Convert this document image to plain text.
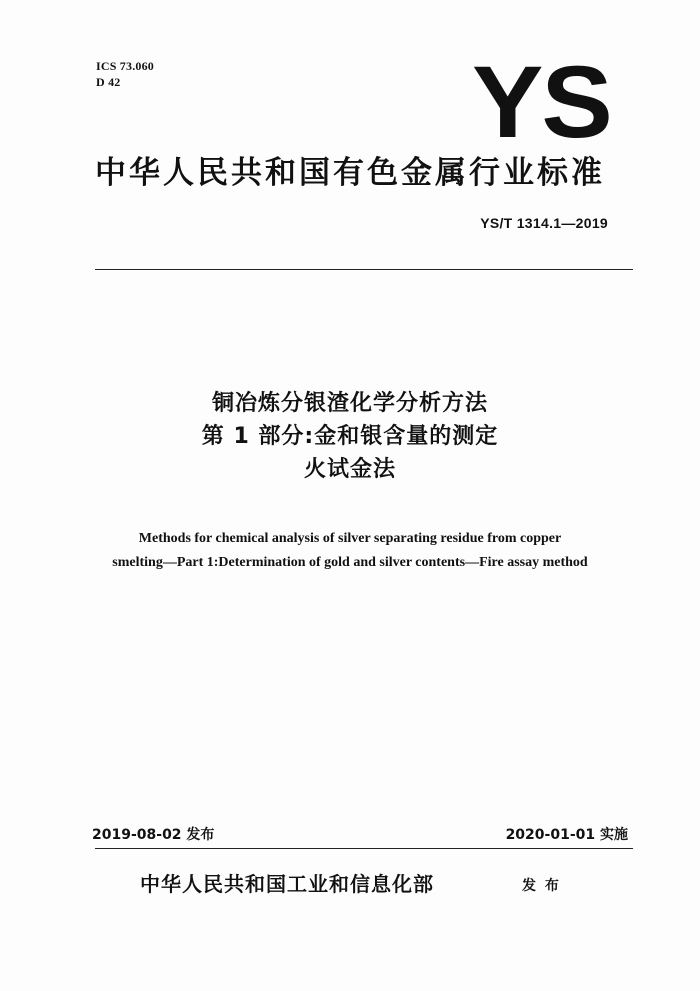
ICS 73.060
D 42	YS
中华人民共和国有色金属行业标准
YS/T 1314.1—2019
铜冶炼分银渣化学分析方法
第 1 部分:金和银含量的测定
火试金法
Methods for chemical analysis of silver separating residue from copper
smelting—Part 1:Determination of gold and silver contents—Fire assay method
2019-08-02 发布	2020-01-01 实施
中华人民共和国工业和信息化部	发 布
